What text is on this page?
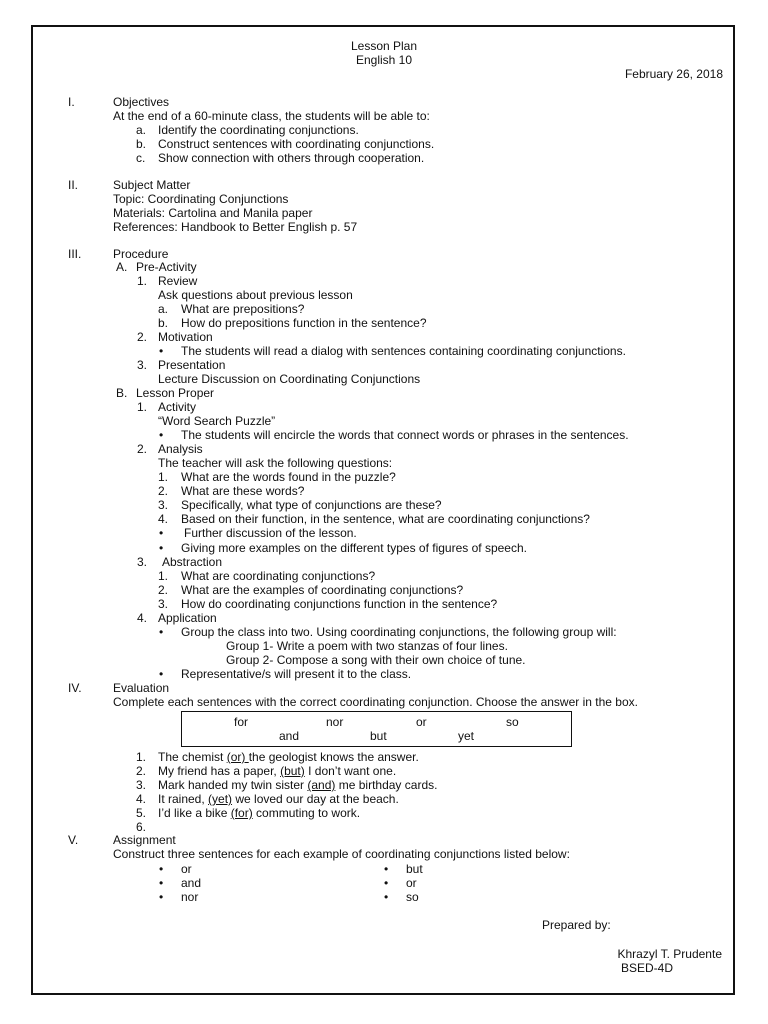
Lesson Plan
English 10
February 26, 2018
I.	Objectives
At the end of a 60-minute class, the students will be able to:
a. Identify the coordinating conjunctions.
b. Construct sentences with coordinating conjunctions.
c. Show connection with others through cooperation.
II.	Subject Matter
Topic: Coordinating Conjunctions
Materials: Cartolina and Manila paper
References: Handbook to Better English p. 57
III.	Procedure
A. Pre-Activity
1. Review
Ask questions about previous lesson
a. What are prepositions?
b. How do prepositions function in the sentence?
2. Motivation
• The students will read a dialog with sentences containing coordinating conjunctions.
3. Presentation
Lecture Discussion on Coordinating Conjunctions
B. Lesson Proper
1. Activity
“Word Search Puzzle”
• The students will encircle the words that connect words or phrases in the sentences.
2. Analysis
The teacher will ask the following questions:
1. What are the words found in the puzzle?
2. What are these words?
3. Specifically, what type of conjunctions are these?
4. Based on their function, in the sentence, what are coordinating conjunctions?
• Further discussion of the lesson.
• Giving more examples on the different types of figures of speech.
3. Abstraction
1. What are coordinating conjunctions?
2. What are the examples of coordinating conjunctions?
3. How do coordinating conjunctions function in the sentence?
4. Application
• Group the class into two. Using coordinating conjunctions, the following group will:
Group 1- Write a poem with two stanzas of four lines.
Group 2- Compose a song with their own choice of tune.
• Representative/s will present it to the class.
IV.	Evaluation
Complete each sentences with the correct coordinating conjunction. Choose the answer in the box.
for	nor	or	so
and	but	yet
1. The chemist (or) the geologist knows the answer.
2. My friend has a paper, (but) I don’t want one.
3. Mark handed my twin sister (and) me birthday cards.
4. It rained, (yet) we loved our day at the beach.
5. I’d like a bike (for) commuting to work.
6.
V.	Assignment
Construct three sentences for each example of coordinating conjunctions listed below:
• or
• and
• nor
• but
• or
• so
Prepared by:
Khrazyl T. Prudente
BSED-4D
